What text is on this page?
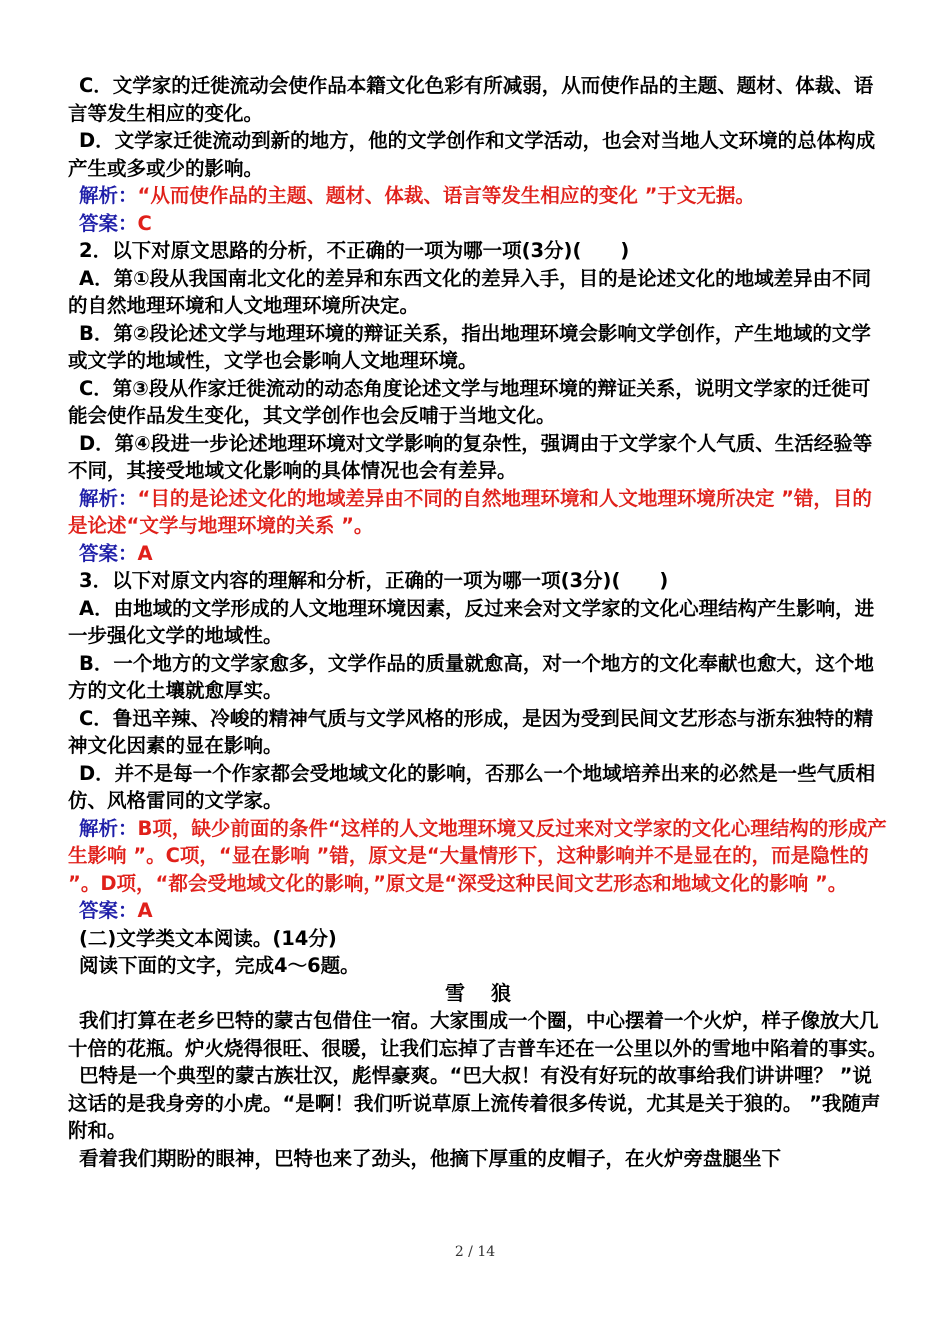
C．文学家的迁徙流动会使作品本籍文化色彩有所减弱，从而使作品的主题、题材、体裁、语言等发生相应的变化。

D．文学家迁徙流动到新的地方，他的文学创作和文学活动，也会对当地人文环境的总体构成产生或多或少的影响。

解析：“从而使作品的主题、题材、体裁、语言等发生相应的变化 ”于文无据。

答案：C

2．以下对原文思路的分析，不正确的一项为哪一项(3分)(　　)

A．第①段从我国南北文化的差异和东西文化的差异入手，目的是论述文化的地域差异由不同的自然地理环境和人文地理环境所决定。

B．第②段论述文学与地理环境的辩证关系，指出地理环境会影响文学创作，产生地域的文学或文学的地域性，文学也会影响人文地理环境。

C．第③段从作家迁徙流动的动态角度论述文学与地理环境的辩证关系，说明文学家的迁徙可能会使作品发生变化，其文学创作也会反哺于当地文化。

D．第④段进一步论述地理环境对文学影响的复杂性，强调由于文学家个人气质、生活经验等不同，其接受地域文化影响的具体情况也会有差异。

解析：“目的是论述文化的地域差异由不同的自然地理环境和人文地理环境所决定 ”错，目的是论述“文学与地理环境的关系 ”。

答案：A

3．以下对原文内容的理解和分析，正确的一项为哪一项(3分)(　　)

A．由地域的文学形成的人文地理环境因素，反过来会对文学家的文化心理结构产生影响，进一步强化文学的地域性。

B．一个地方的文学家愈多，文学作品的质量就愈高，对一个地方的文化奉献也愈大，这个地方的文化土壤就愈厚实。

C．鲁迅辛辣、冷峻的精神气质与文学风格的形成，是因为受到民间文艺形态与浙东独特的精神文化因素的显在影响。

D．并不是每一个作家都会受地域文化的影响，否那么一个地域培养出来的必然是一些气质相仿、风格雷同的文学家。

解析：B项，缺少前面的条件“这样的人文地理环境又反过来对文学家的文化心理结构的形成产生影响 ”。C项，“显在影响 ”错，原文是“大量情形下，这种影响并不是显在的，而是隐性的 ”。D项，“都会受地域文化的影响，”原文是“深受这种民间文艺形态和地域文化的影响 ”。

答案：A

(二)文学类文本阅读。(14分)

阅读下面的文字，完成4～6题。

雪 狼

我们打算在老乡巴特的蒙古包借住一宿。大家围成一个圈，中心摆着一个火炉，样子像放大几十倍的花瓶。炉火烧得很旺、很暖，让我们忘掉了吉普车还在一公里以外的雪地中陷着的事实。

巴特是一个典型的蒙古族壮汉，彪悍豪爽。“巴大叔！有没有好玩的故事给我们讲讲哩？ ”说这话的是我身旁的小虎。“是啊！我们听说草原上流传着很多传说，尤其是关于狼的。 ”我随声附和。

看着我们期盼的眼神，巴特也来了劲头，他摘下厚重的皮帽子，在火炉旁盘腿坐下

2 / 14
